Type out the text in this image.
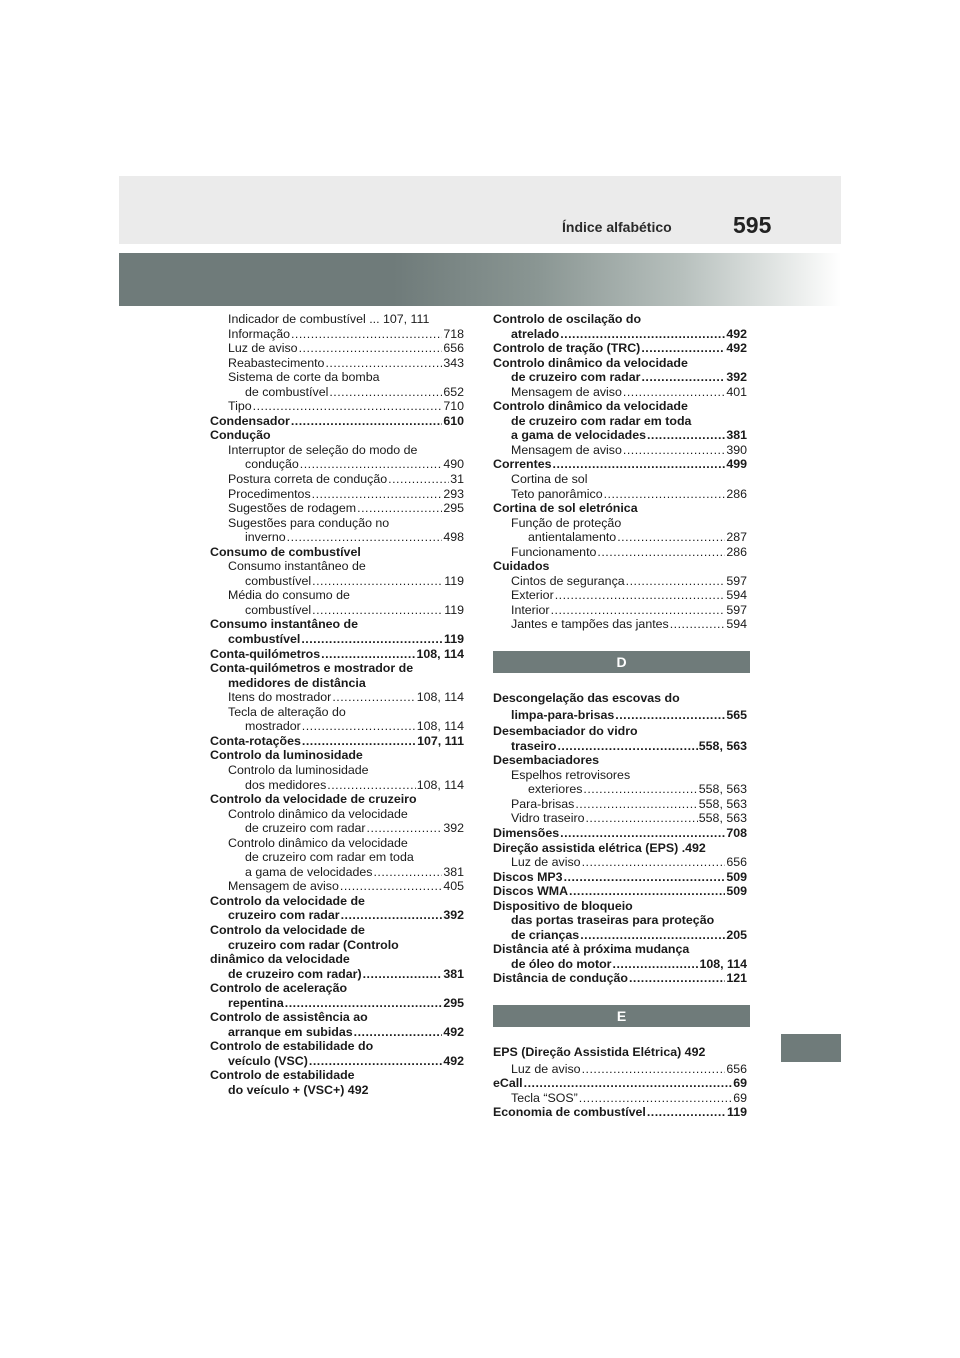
Índice alfabético	595
Indicador de combustível ... 107, 111
Informação .....	718
Luz de aviso .....	656
Reabastecimento .....	343
Sistema de corte da bomba
de combustível .....	652
Tipo .....	710
Condensador .....	610
Condução
Interruptor de seleção do modo de
condução .....	490
Postura correta de condução .....	31
Procedimentos .....	293
Sugestões de rodagem .....	295
Sugestões para condução no
inverno .....	498
Consumo de combustível
Consumo instantâneo de
combustível .....	119
Média do consumo de
combustível .....	119
Consumo instantâneo de
combustível .....	119
Conta-quilómetros .....	108, 114
Conta-quilómetros e mostrador de
medidores de distância
Itens do mostrador .....	108, 114
Tecla de alteração do
mostrador .....	108, 114
Conta-rotações .....	107, 111
Controlo da luminosidade
Controlo da luminosidade
dos medidores .....	108, 114
Controlo da velocidade de cruzeiro
Controlo dinâmico da velocidade
de cruzeiro com radar .....	392
Controlo dinâmico da velocidade
de cruzeiro com radar em toda
a gama de velocidades .....	381
Mensagem de aviso .....	405
Controlo da velocidade de
cruzeiro com radar .....	392
Controlo da velocidade de
cruzeiro com radar (Controlo
dinâmico da velocidade
de cruzeiro com radar) .....	381
Controlo de aceleração
repentina .....	295
Controlo de assistência ao
arranque em subidas .....	492
Controlo de estabilidade do
veículo (VSC) .....	492
Controlo de estabilidade
do veículo + (VSC+) 492
Controlo de oscilação do
atrelado .....	492
Controlo de tração (TRC) .....	492
Controlo dinâmico da velocidade
de cruzeiro com radar .....	392
Mensagem de aviso .....	401
Controlo dinâmico da velocidade
de cruzeiro com radar em toda
a gama de velocidades .....	381
Mensagem de aviso .....	390
Correntes .....	499
Cortina de sol
Teto panorâmico .....	286
Cortina de sol eletrónica
Função de proteção
antientalamento .....	287
Funcionamento .....	286
Cuidados
Cintos de segurança .....	597
Exterior .....	594
Interior .....	597
Jantes e tampões das jantes .....	594
D
Descongelação das escovas do
limpa-para-brisas .....	565
Desembaciador do vidro
traseiro .....	558, 563
Desembaciadores
Espelhos retrovisores
exteriores .....	558, 563
Para-brisas .....	558, 563
Vidro traseiro .....	558, 563
Dimensões .....	708
Direção assistida elétrica (EPS) .492
Luz de aviso .....	656
Discos MP3 .....	509
Discos WMA .....	509
Dispositivo de bloqueio
das portas traseiras para proteção
de crianças .....	205
Distância até à próxima mudança
de óleo do motor .....	108, 114
Distância de condução .....	121
E
EPS (Direção Assistida Elétrica) 492
Luz de aviso .....	656
eCall .....	69
Tecla “SOS” .....	69
Economia de combustível .....	119
